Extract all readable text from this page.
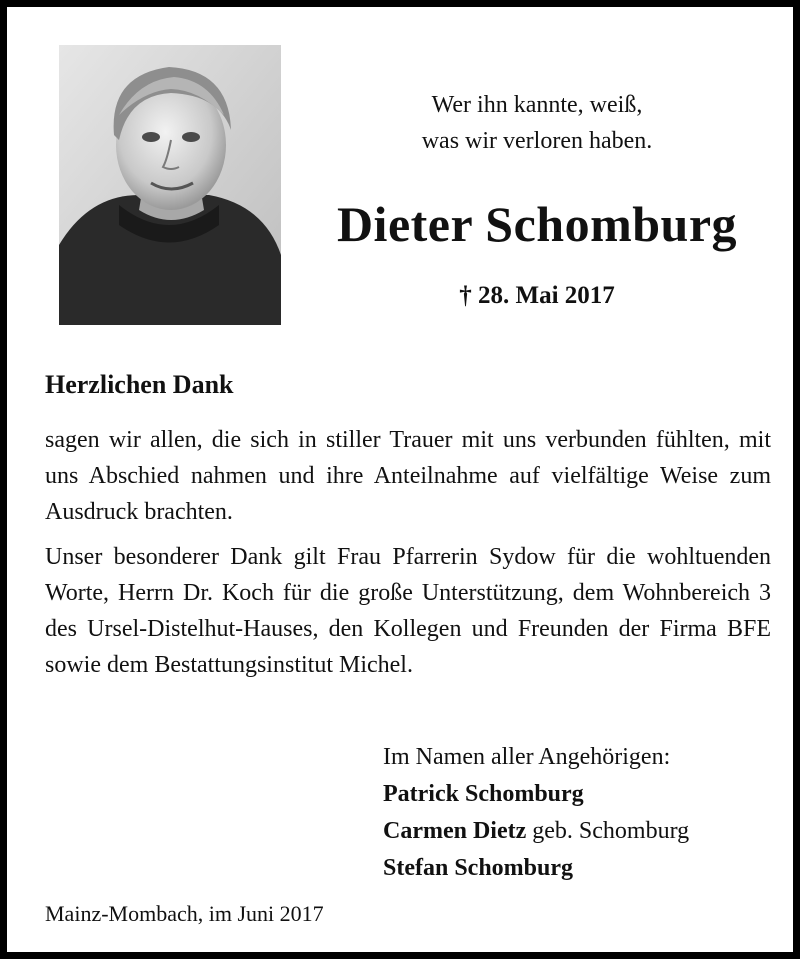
Wer ihn kannte, weiß,
was wir verloren haben.
Dieter Schomburg
† 28. Mai 2017
Herzlichen Dank

sagen wir allen, die sich in stiller Trauer mit uns verbunden fühlten, mit uns Abschied nahmen und ihre Anteilnahme auf vielfältige Weise zum Ausdruck brachten.

Unser besonderer Dank gilt Frau Pfarrerin Sydow für die wohltuenden Worte, Herrn Dr. Koch für die große Unterstützung, dem Wohnbereich 3 des Ursel-Distelhut-Hauses, den Kollegen und Freunden der Firma BFE sowie dem Bestattungsinstitut Michel.

Im Namen aller Angehörigen:
Patrick Schomburg
Carmen Dietz geb. Schomburg
Stefan Schomburg
Mainz-Mombach, im Juni 2017
